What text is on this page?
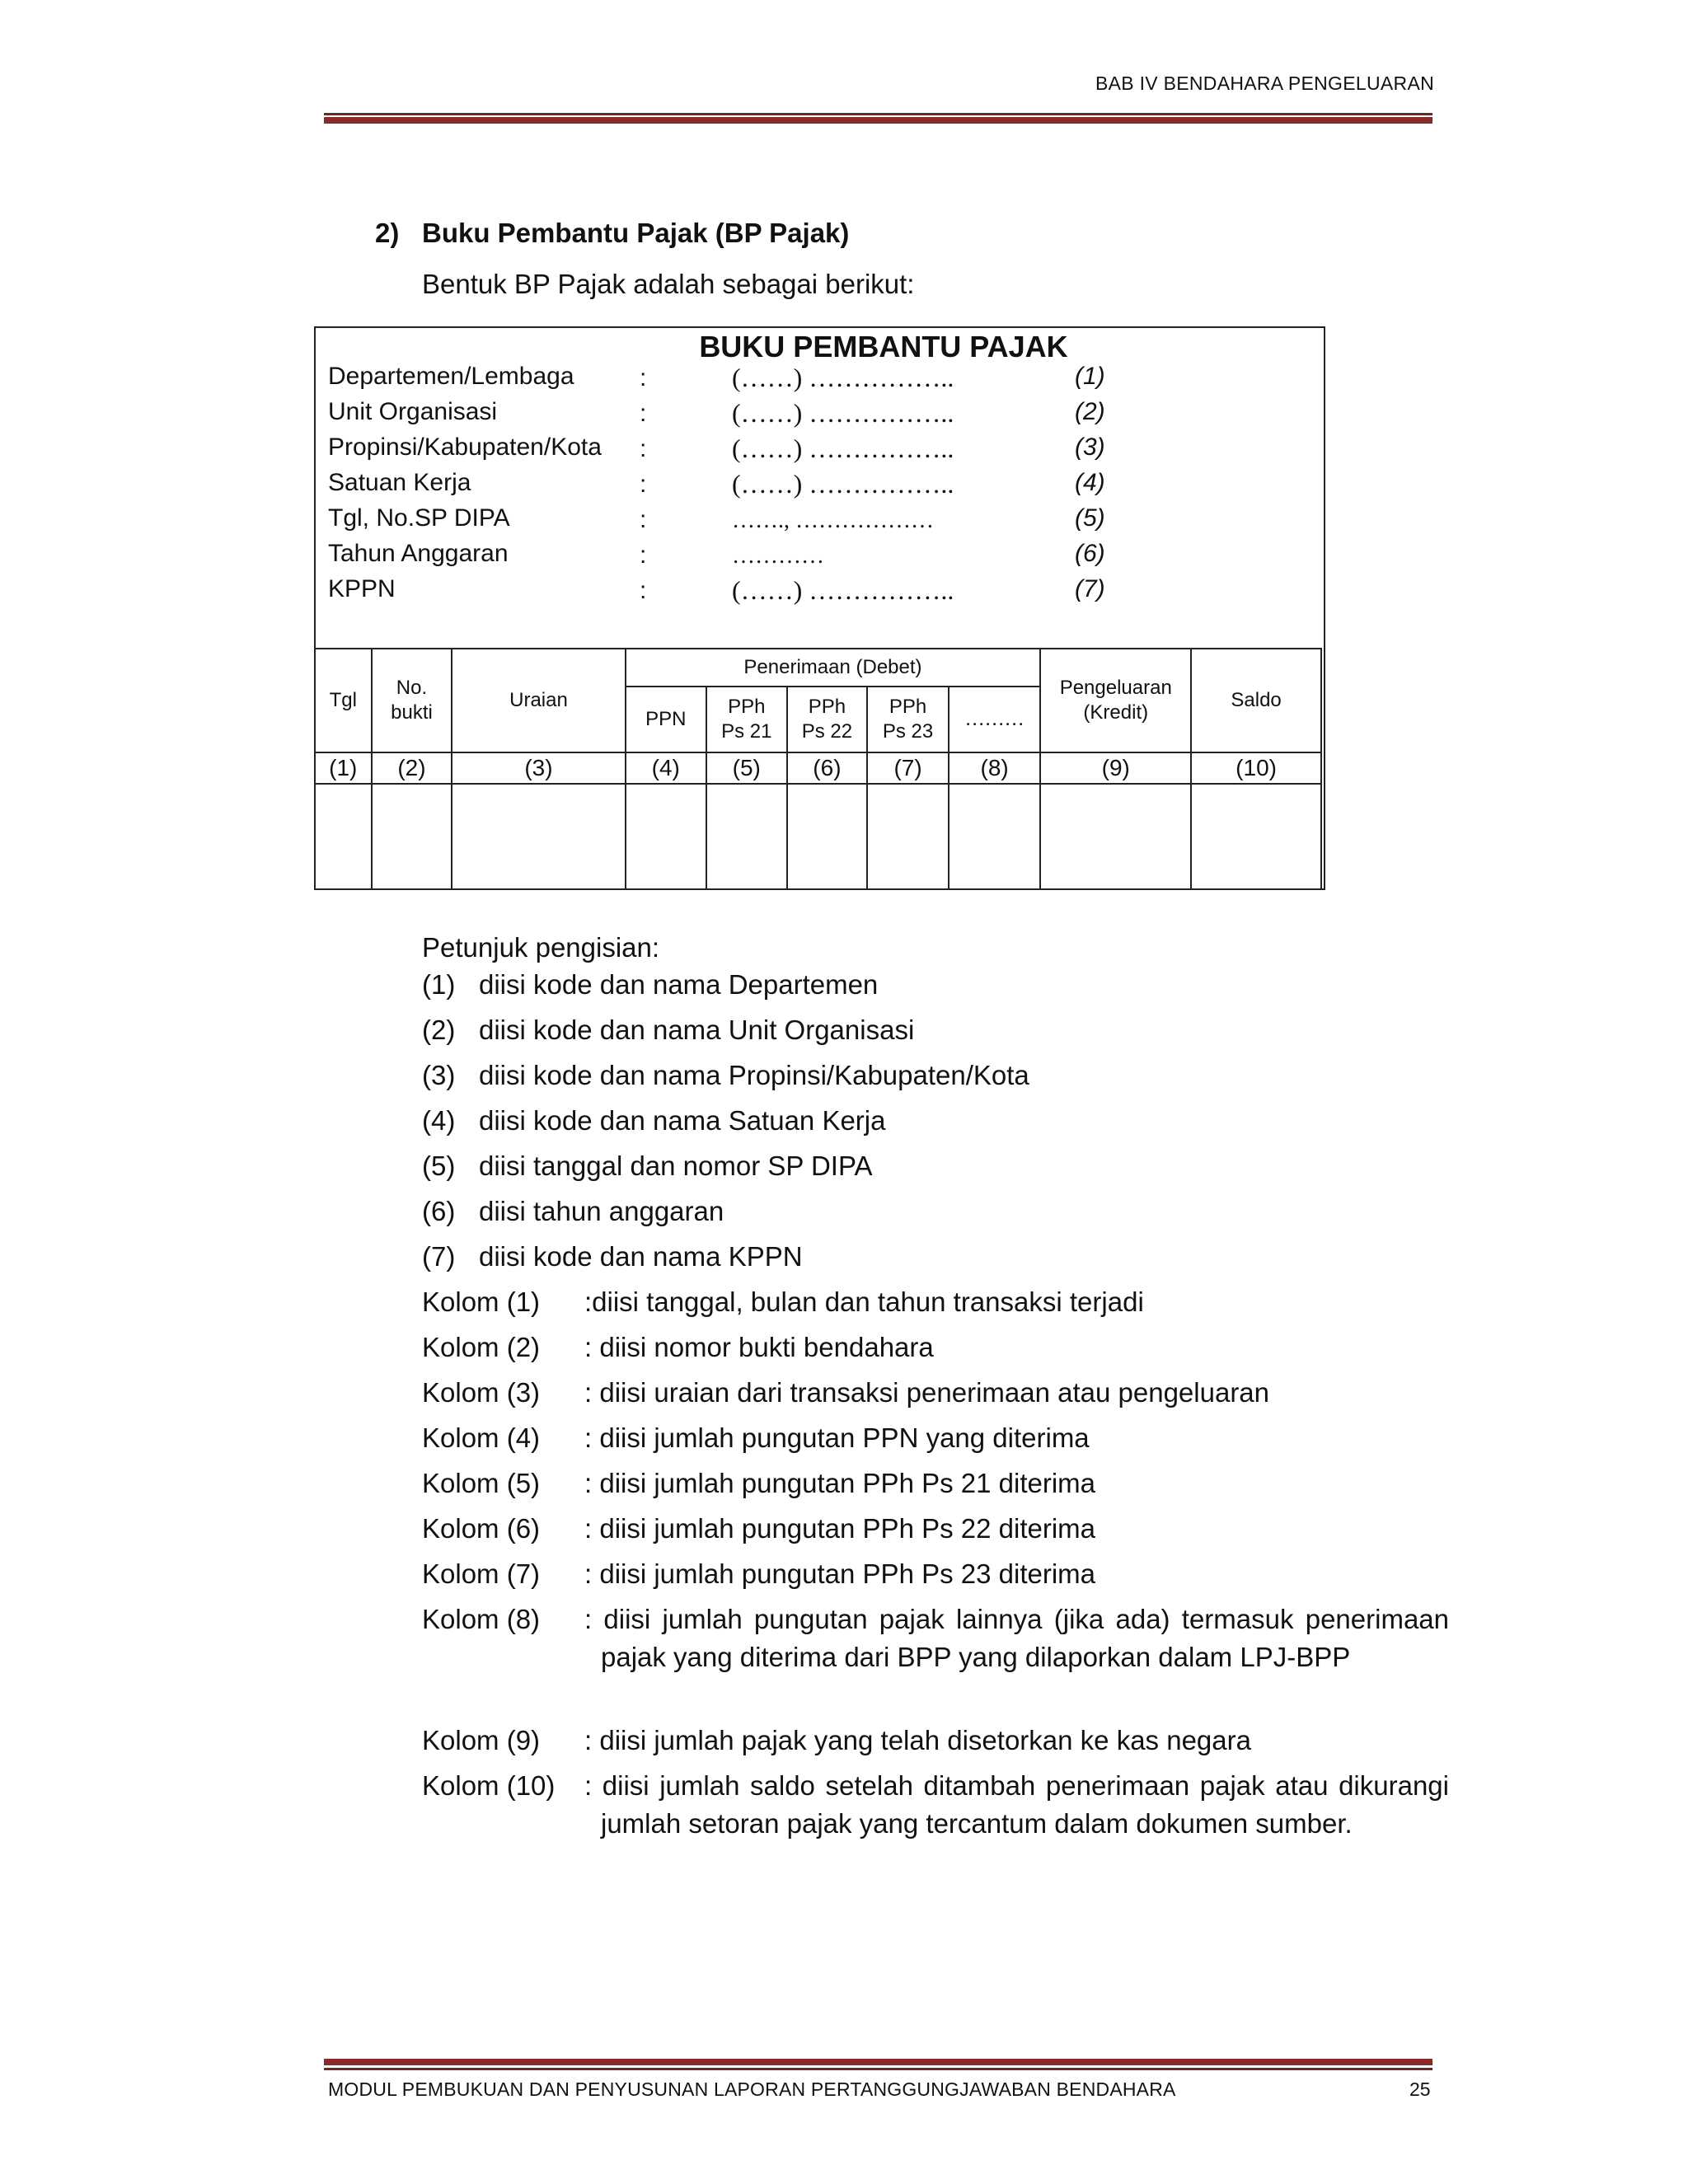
BAB IV BENDAHARA PENGELUARAN
2) Buku Pembantu Pajak (BP Pajak)
Bentuk BP Pajak adalah sebagai berikut:
BUKU PEMBANTU PAJAK
Departemen/Lembaga	:	(……) ……………..	(1)
Unit Organisasi	:	(……) ……………..	(2)
Propinsi/Kabupaten/Kota :	(……) ……………..	(3)
Satuan Kerja	:	(……) ……………..	(4)
Tgl, No.SP DIPA	:	……., ………………	(5)
Tahun Anggaran	:	…………	(6)
KPPN	:	(……) ……………..	(7)
Tgl	No. bukti	Uraian	Penerimaan (Debet)					Pengeluaran (Kredit)	Saldo
			PPN	PPh Ps 21	PPh Ps 22	PPh Ps 23	………		
(1)	(2)	(3)	(4)	(5)	(6)	(7)	(8)	(9)	(10)

Petunjuk pengisian:
(1) diisi kode dan nama Departemen
(2) diisi kode dan nama Unit Organisasi
(3) diisi kode dan nama Propinsi/Kabupaten/Kota
(4) diisi kode dan nama Satuan Kerja
(5) diisi tanggal dan nomor SP DIPA
(6) diisi tahun anggaran
(7) diisi kode dan nama KPPN
Kolom (1) :diisi tanggal, bulan dan tahun transaksi terjadi
Kolom (2) : diisi nomor bukti bendahara
Kolom (3) : diisi uraian dari transaksi penerimaan atau pengeluaran
Kolom (4) : diisi jumlah pungutan PPN yang diterima
Kolom (5) : diisi jumlah pungutan PPh Ps 21 diterima
Kolom (6) : diisi jumlah pungutan PPh Ps 22 diterima
Kolom (7) : diisi jumlah pungutan PPh Ps 23 diterima
Kolom (8) : diisi jumlah pungutan pajak lainnya (jika ada) termasuk penerimaan pajak yang diterima dari BPP yang dilaporkan dalam LPJ-BPP
Kolom (9) : diisi jumlah pajak yang telah disetorkan ke kas negara
Kolom (10) : diisi jumlah saldo setelah ditambah penerimaan pajak atau dikurangi jumlah setoran pajak yang tercantum dalam dokumen sumber.
MODUL PEMBUKUAN DAN PENYUSUNAN LAPORAN PERTANGGUNGJAWABAN BENDAHARA	25
